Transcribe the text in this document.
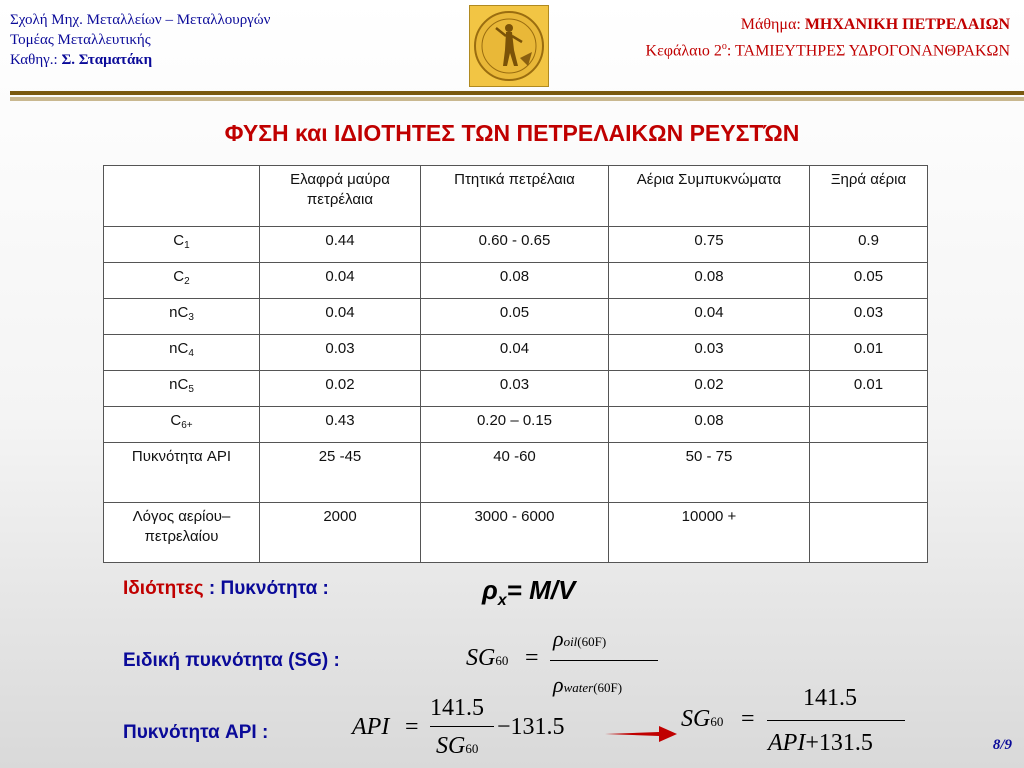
Σχολή Μηχ. Μεταλλείων – Μεταλλουργών
Τομέας Μεταλλευτικής
Καθηγ.: Σ. Σταματάκη
Μάθημα: ΜΗΧΑΝΙΚΗ ΠΕΤΡΕΛΑΙΩΝ
Κεφάλαιο $2^o$: ΤΑΜΙΕΥΤΗΡΕΣ ΥΔΡΟΓΟΝΑΝΘΡΑΚΩΝ
ΦΥΣΗ και ΙΔΙΟΤΗΤΕΣ ΤΩΝ ΠΕΤΡΕΛΑΙΚΩΝ ΡΕΥΣΤΏΝ
	Ελαφρά μαύρα πετρέλαια	Πτητικά πετρέλαια	Αέρια Συμπυκνώματα	Ξηρά αέρια
$C_1$	0.44	0.60 - 0.65	0.75	0.9
$C_2$	0.04	0.08	0.08	0.05
$nC_3$	0.04	0.05	0.04	0.03
$nC_4$	0.03	0.04	0.03	0.01
$nC_5$	0.02	0.03	0.02	0.01
$C_{6+}$	0.43	0.20 – 0.15	0.08	
Πυκνότητα API	25 -45	40 -60	50 - 75	
Λόγος αερίου– πετρελαίου	2000	3000 - 6000	10000 +	
Ιδιότητες : Πυκνότητα :	$\rho_x= M/V$
Ειδική πυκνότητα (SG) :	SG60 =
ρoil(60F)
ρwater(60F)
Πυκνότητα API :	API =
141.5
SG60
−131.5	SG60 =
141.5
API+131.5	8/9
